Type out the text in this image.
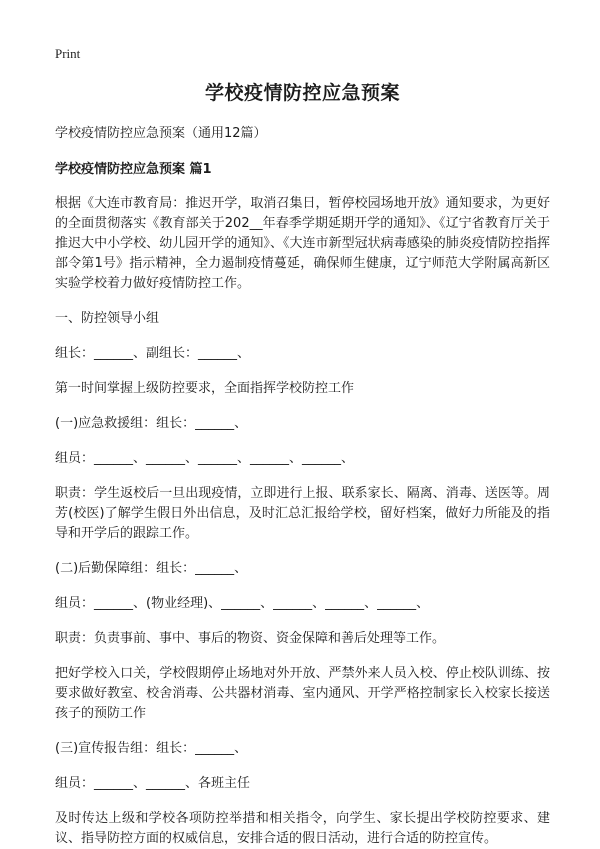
Print
学校疫情防控应急预案

学校疫情防控应急预案（通用12篇）

学校疫情防控应急预案 篇1

根据《大连市教育局：推迟开学，取消召集日，暂停校园场地开放》通知要求，为更好的全面贯彻落实《教育部关于202__年春季学期延期开学的通知》、《辽宁省教育厅关于推迟大中小学校、幼儿园开学的通知》、《大连市新型冠状病毒感染的肺炎疫情防控指挥部令第1号》指示精神，全力遏制疫情蔓延，确保师生健康，辽宁师范大学附属高新区实验学校着力做好疫情防控工作。

一、防控领导小组

组长：______、副组长：______、

第一时间掌握上级防控要求，全面指挥学校防控工作

(一)应急救援组：组长：______、

组员：______、______、______、______、______、

职责：学生返校后一旦出现疫情，立即进行上报、联系家长、隔离、消毒、送医等。周芳(校医)了解学生假日外出信息，及时汇总汇报给学校，留好档案，做好力所能及的指导和开学后的跟踪工作。

(二)后勤保障组：组长：______、

组员：______、(物业经理)、______、______、______、______、

职责：负责事前、事中、事后的物资、资金保障和善后处理等工作。

把好学校入口关，学校假期停止场地对外开放、严禁外来人员入校、停止校队训练、按要求做好教室、校舍消毒、公共器材消毒、室内通风、开学严格控制家长入校家长接送孩子的预防工作

(三)宣传报告组：组长：______、

组员：______、______、各班主任

及时传达上级和学校各项防控举措和相关指令，向学生、家长提出学校防控要求、建议、指导防控方面的权威信息，安排合适的假日活动，进行合适的防控宣传。
